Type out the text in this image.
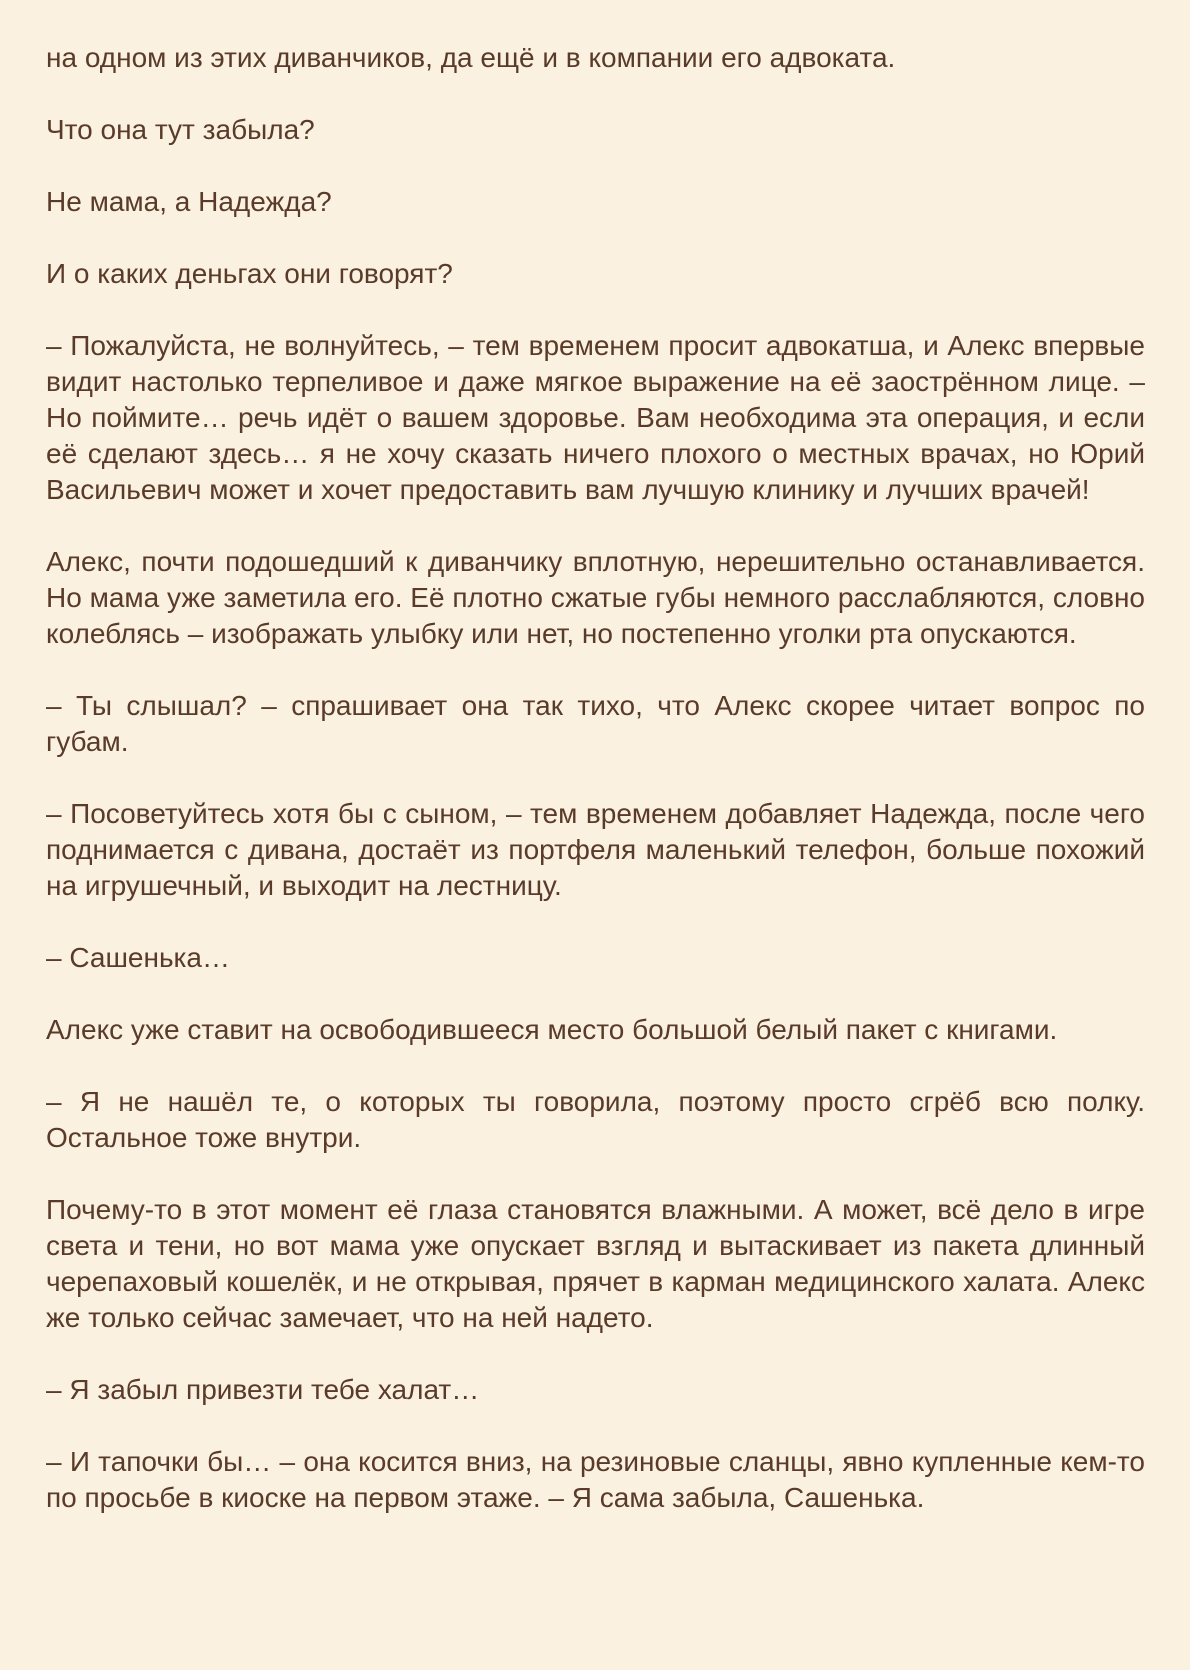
на одном из этих диванчиков, да ещё и в компании его адвоката.

Что она тут забыла?

Не мама, а Надежда?

И о каких деньгах они говорят?

– Пожалуйста, не волнуйтесь, – тем временем просит адвокатша, и Алекс впервые видит настолько терпеливое и даже мягкое выражение на её заострённом лице. – Но поймите… речь идёт о вашем здоровье. Вам необходима эта операция, и если её сделают здесь… я не хочу сказать ничего плохого о местных врачах, но Юрий Васильевич может и хочет предоставить вам лучшую клинику и лучших врачей!

Алекс, почти подошедший к диванчику вплотную, нерешительно останавливается. Но мама уже заметила его. Её плотно сжатые губы немного расслабляются, словно колеблясь – изображать улыбку или нет, но постепенно уголки рта опускаются.

– Ты слышал? – спрашивает она так тихо, что Алекс скорее читает вопрос по губам.

– Посоветуйтесь хотя бы с сыном, – тем временем добавляет Надежда, после чего поднимается с дивана, достаёт из портфеля маленький телефон, больше похожий на игрушечный, и выходит на лестницу.

– Сашенька…

Алекс уже ставит на освободившееся место большой белый пакет с книгами.

– Я не нашёл те, о которых ты говорила, поэтому просто сгрёб всю полку. Остальное тоже внутри.

Почему-то в этот момент её глаза становятся влажными. А может, всё дело в игре света и тени, но вот мама уже опускает взгляд и вытаскивает из пакета длинный черепаховый кошелёк, и не открывая, прячет в карман медицинского халата. Алекс же только сейчас замечает, что на ней надето.

– Я забыл привезти тебе халат…

– И тапочки бы… – она косится вниз, на резиновые сланцы, явно купленные кем-то по просьбе в киоске на первом этаже. – Я сама забыла, Сашенька.
